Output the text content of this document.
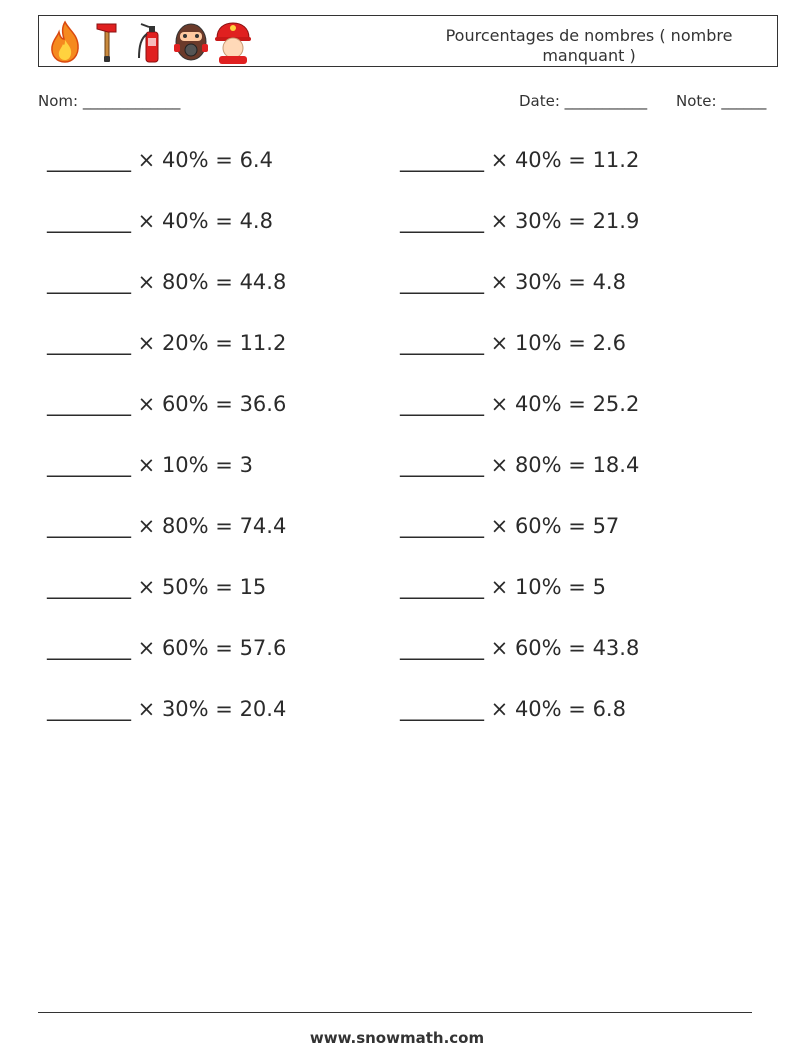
Pourcentages de nombres ( nombre manquant )
Nom: _____________	Date: ___________ Note: ______
________ × 40% = 6.4
________ × 40% = 4.8
________ × 80% = 44.8
________ × 20% = 11.2
________ × 60% = 36.6
________ × 10% = 3
________ × 80% = 74.4
________ × 50% = 15
________ × 60% = 57.6
________ × 30% = 20.4
________ × 40% = 11.2
________ × 30% = 21.9
________ × 30% = 4.8
________ × 10% = 2.6
________ × 40% = 25.2
________ × 80% = 18.4
________ × 60% = 57
________ × 10% = 5
________ × 60% = 43.8
________ × 40% = 6.8
www.snowmath.com
